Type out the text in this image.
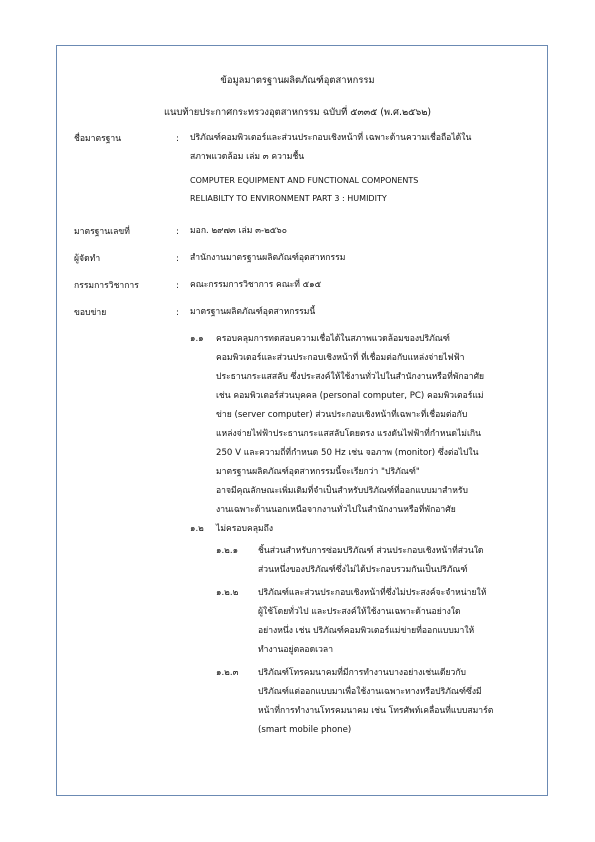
ข้อมูลมาตรฐานผลิตภัณฑ์อุตสาหกรรม
แนบท้ายประกาศกระทรวงอุตสาหกรรม ฉบับที่ ๕๓๓๕ (พ.ศ.๒๕๖๒)
ชื่อมาตรฐาน	: ปริภัณฑ์คอมพิวเตอร์และส่วนประกอบเชิงหน้าที่ เฉพาะด้านความเชื่อถือได้ใน
สภาพแวดล้อม เล่ม ๓ ความชื้น
COMPUTER EQUIPMENT AND FUNCTIONAL COMPONENTS
RELIABILTY TO ENVIRONMENT PART 3 : HUMIDITY
มาตรฐานเลขที่	: มอก. ๒๙๗๓ เล่ม ๓-๒๕๖๐
ผู้จัดทำ	: สำนักงานมาตรฐานผลิตภัณฑ์อุตสาหกรรม
กรรมการวิชาการ	: คณะกรรมการวิชาการ คณะที่ ๕๑๕
ขอบข่าย	: มาตรฐานผลิตภัณฑ์อุตสาหกรรมนี้
๑.๑ ครอบคลุมการทดสอบความเชื่อได้ในสภาพแวดล้อมของปริภัณฑ์
คอมพิวเตอร์และส่วนประกอบเชิงหน้าที่ ที่เชื่อมต่อกับแหล่งจ่ายไฟฟ้า
ประธานกระแสสลับ ซึ่งประสงค์ให้ใช้งานทั่วไปในสำนักงานหรือที่พักอาศัย
เช่น คอมพิวเตอร์ส่วนบุคคล (personal computer, PC) คอมพิวเตอร์แม่
ข่าย (server computer) ส่วนประกอบเชิงหน้าที่เฉพาะที่เชื่อมต่อกับ
แหล่งจ่ายไฟฟ้าประธานกระแสสลับโดยตรง แรงดันไฟฟ้าที่กำหนดไม่เกิน
250 V และความถี่ที่กำหนด 50 Hz เช่น จอภาพ (monitor) ซึ่งต่อไปใน
มาตรฐานผลิตภัณฑ์อุตสาหกรรมนี้จะเรียกว่า "ปริภัณฑ์"
อาจมีคุณลักษณะเพิ่มเติมที่จำเป็นสำหรับปริภัณฑ์ที่ออกแบบมาสำหรับ
งานเฉพาะด้านนอกเหนือจากงานทั่วไปในสำนักงานหรือที่พักอาศัย
๑.๒ ไม่ครอบคลุมถึง
๑.๒.๑ ชิ้นส่วนสำหรับการซ่อมปริภัณฑ์ ส่วนประกอบเชิงหน้าที่ส่วนใด
ส่วนหนึ่งของปริภัณฑ์ซึ่งไม่ได้ประกอบรวมกันเป็นปริภัณฑ์
๑.๒.๒ ปริภัณฑ์และส่วนประกอบเชิงหน้าที่ซึ่งไม่ประสงค์จะจำหน่ายให้
ผู้ใช้โดยทั่วไป และประสงค์ให้ใช้งานเฉพาะด้านอย่างใด
อย่างหนึ่ง เช่น ปริภัณฑ์คอมพิวเตอร์แม่ข่ายที่ออกแบบมาให้
ทำงานอยู่ตลอดเวลา
๑.๒.๓ ปริภัณฑ์โทรคมนาคมที่มีการทำงานบางอย่างเช่นเดียวกับ
ปริภัณฑ์แต่ออกแบบมาเพื่อใช้งานเฉพาะทางหรือปริภัณฑ์ซึ่งมี
หน้าที่การทำงานโทรคมนาคม เช่น โทรศัพท์เคลื่อนที่แบบสมาร์ต
(smart mobile phone)
